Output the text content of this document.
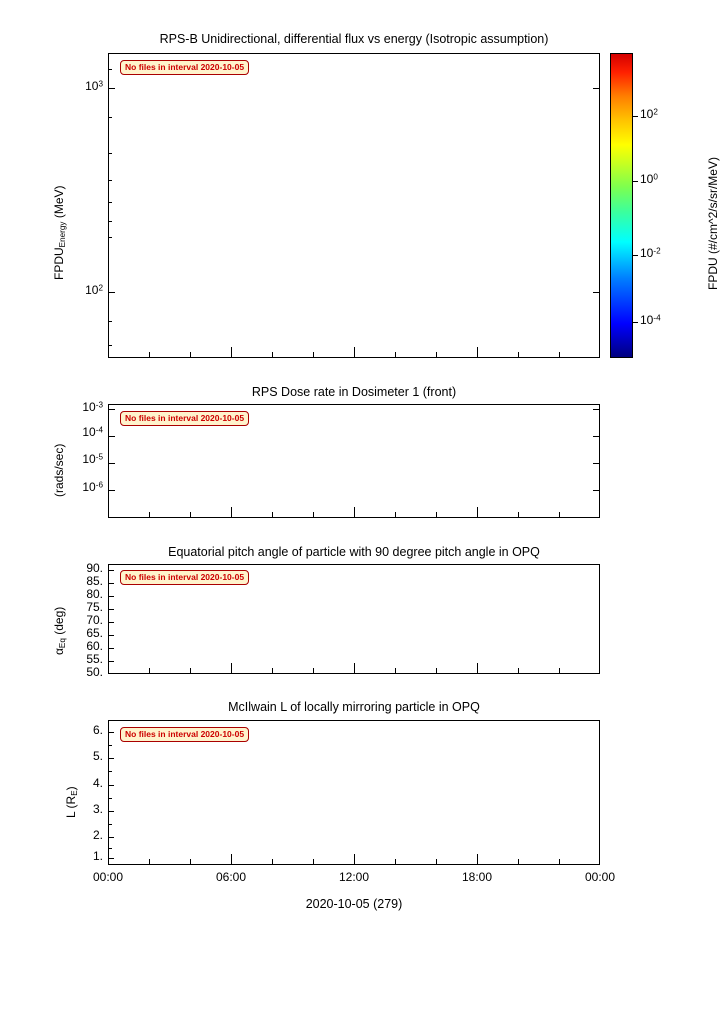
RPS-B Unidirectional, differential flux vs energy (Isotropic assumption)
No files in interval 2020-10-05
$FPDU_{Energy}$ (MeV)
$10^3$
$10^2$	FPDU (#/cm^2/s/sr/MeV)
$10^2$
$10^0$
$10^{-2}$
$10^{-4}$
RPS Dose rate in Dosimeter 1 (front)
No files in interval 2020-10-05
(rads/sec)
$10^{-3}$
$10^{-4}$
$10^{-5}$
$10^{-6}$
Equatorial pitch angle of particle with 90 degree pitch angle in OPQ
No files in interval 2020-10-05
$\alpha_{Eq}$ (deg)
90.
85.
80.
75.
70.
65.
60.
55.
50.
McIlwain L of locally mirroring particle in OPQ
No files in interval 2020-10-05
L $(R_E)$
6.
5.
4.
3.
2.
1.
00:00	06:00	12:00	18:00	00:00
2020-10-05 (279)
